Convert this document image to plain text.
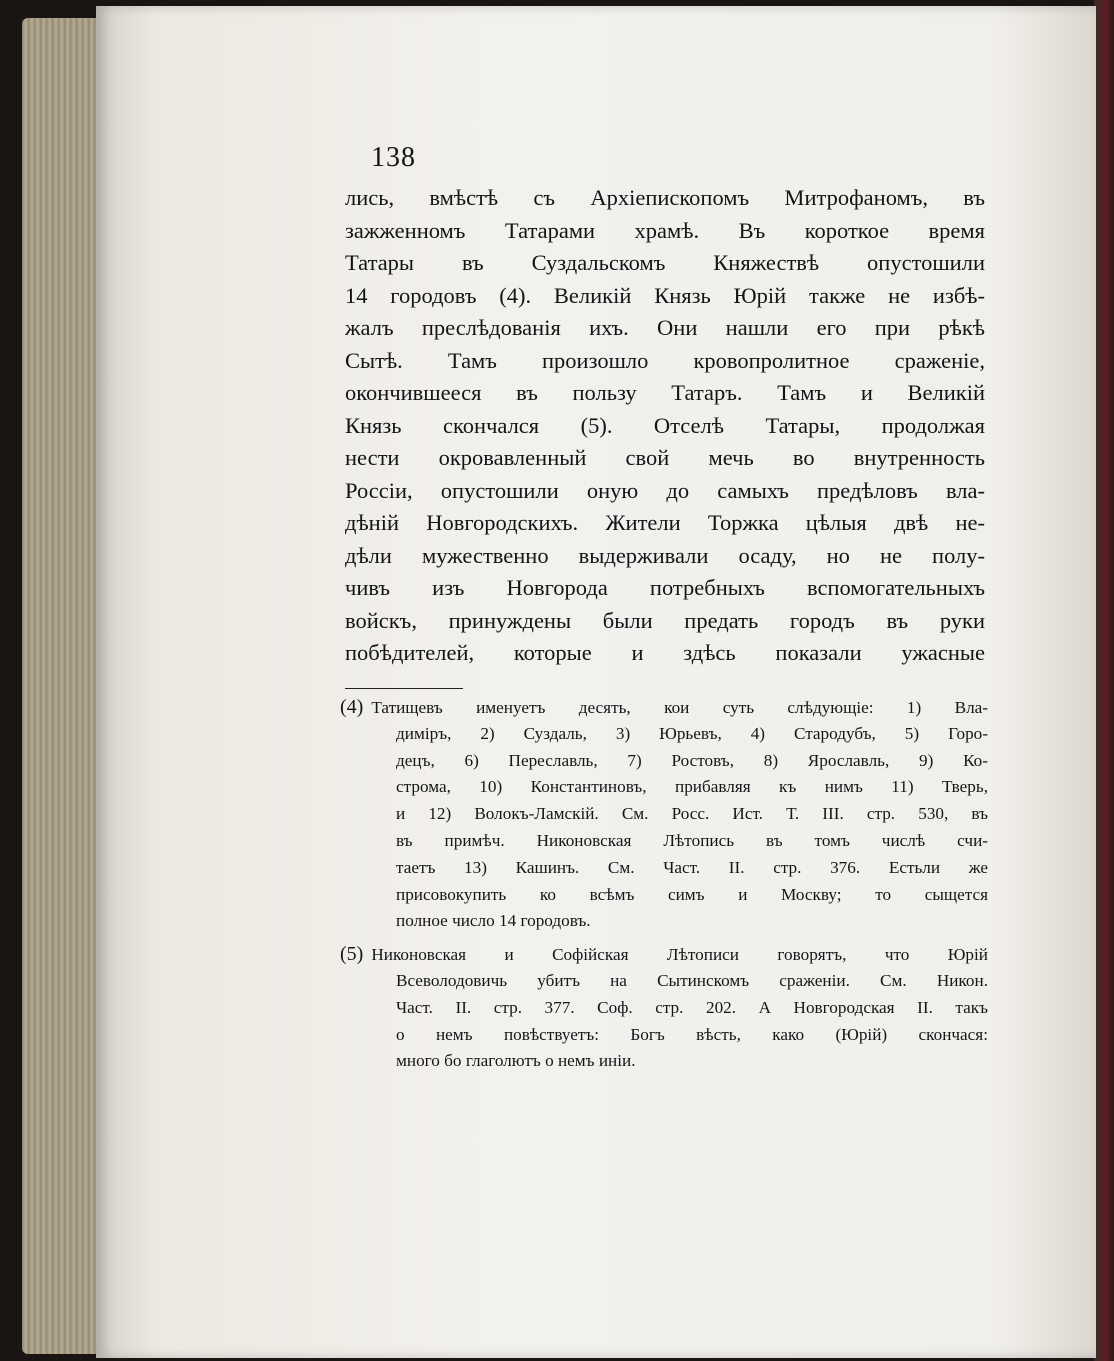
138
лись, вмѣстѣ съ Архіепископомъ Митрофаномъ, въ
зажженномъ Татарами храмѣ. Въ короткое время
Татары въ Суздальскомъ Княжествѣ опустошили
14 городовъ (4). Великій Князь Юрій также не избѣ-
жалъ преслѣдованія ихъ. Они нашли его при рѣкѣ
Сытѣ. Тамъ произошло кровопролитное сраженіе,
окончившееся въ пользу Татаръ. Тамъ и Великій
Князь скончался (5). Отселѣ Татары, продолжая
нести окровавленный свой мечь во внутренность
Россіи, опустошили оную до самыхъ предѣловъ вла-
дѣній Новгородскихъ. Жители Торжка цѣлыя двѣ не-
дѣли мужественно выдерживали осаду, но не полу-
чивъ изъ Новгорода потребныхъ вспомогательныхъ
войскъ, принуждены были предать городъ въ руки
побѣдителей, которые и здѣсь показали ужасные
(4) Татищевъ именуетъ десять, кои суть слѣдующіе: 1) Вла-
диміръ, 2) Суздаль, 3) Юрьевъ, 4) Стародубъ, 5) Горо-
децъ, 6) Переславль, 7) Ростовъ, 8) Ярославль, 9) Ко-
строма, 10) Константиновъ, прибавляя къ нимъ 11) Тверь,
и 12) Волокъ-Ламскій. См. Росс. Ист. Т. III. стр. 530, въ
въ примѣч. Никоновская Лѣтопись въ томъ числѣ счи-
таетъ 13) Кашинъ. См. Част. II. стр. 376. Естьли же
присовокупить ко всѣмъ симъ и Москву; то сыщется
полное число 14 городовъ.
(5) Никоновская и Софійская Лѣтописи говорятъ, что Юрій
Всеволодовичь убитъ на Сытинскомъ сраженіи. См. Никон.
Част. II. стр. 377. Соф. стр. 202. А Новгородская II. такъ
о немъ повѣствуетъ: Богъ вѣсть, како (Юрій) скончася:
много бо глаголютъ о немъ иніи.
